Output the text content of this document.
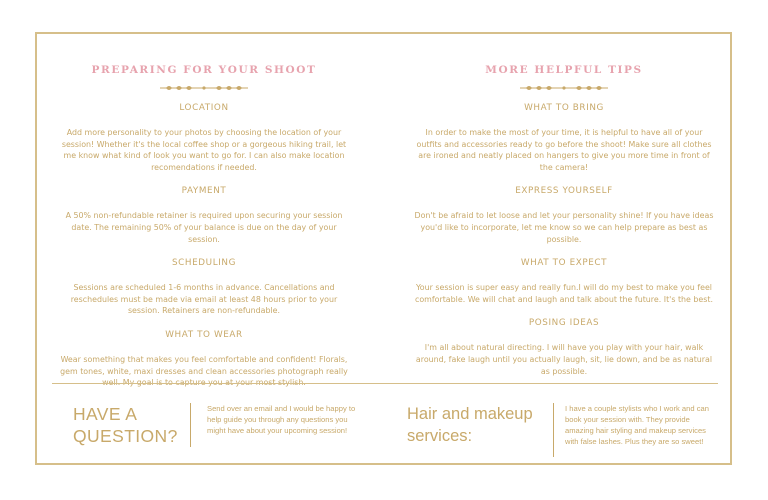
PREPARING FOR YOUR SHOOT

LOCATION

Add more personality to your photos by choosing the location of your session! Whether it's the local coffee shop or a gorgeous hiking trail, let me know what kind of look you want to go for. I can also make location recomendations if needed.

PAYMENT

A 50% non-refundable retainer is required upon securing your session date. The remaining 50% of your balance is due on the day of your session.

SCHEDULING

Sessions are scheduled 1-6 months in advance. Cancellations and reschedules must be made via email at least 48 hours prior to your session. Retainers are non-refundable.

WHAT TO WEAR

Wear something that makes you feel comfortable and confident! Florals, gem tones, white, maxi dresses and clean accessories photograph really well. My goal is to capture you at your most stylish.

MORE HELPFUL TIPS

WHAT TO BRING

In order to make the most of your time, it is helpful to have all of your outfits and accessories ready to go before the shoot! Make sure all clothes are ironed and neatly placed on hangers to give you more time in front of the camera!

EXPRESS YOURSELF

Don't be afraid to let loose and let your personality shine! If you have ideas you'd like to incorporate, let me know so we can help prepare as best as possible.

WHAT TO EXPECT

Your session is super easy and really fun.I will do my best to make you feel comfortable. We will chat and laugh and talk about the future. It's the best.

POSING IDEAS

I'm all about natural directing. I will have you play with your hair, walk around, fake laugh until you actually laugh, sit, lie down, and be as natural as possible.

HAVE A
QUESTION?
Send over an email and I would be happy to help guide you through any questions you might have about your upcoming session!
Hair and makeup
services:
I have a couple stylists who I work and can book your session with. They provide amazing hair styling and makeup services with false lashes. Plus they are so sweet!
